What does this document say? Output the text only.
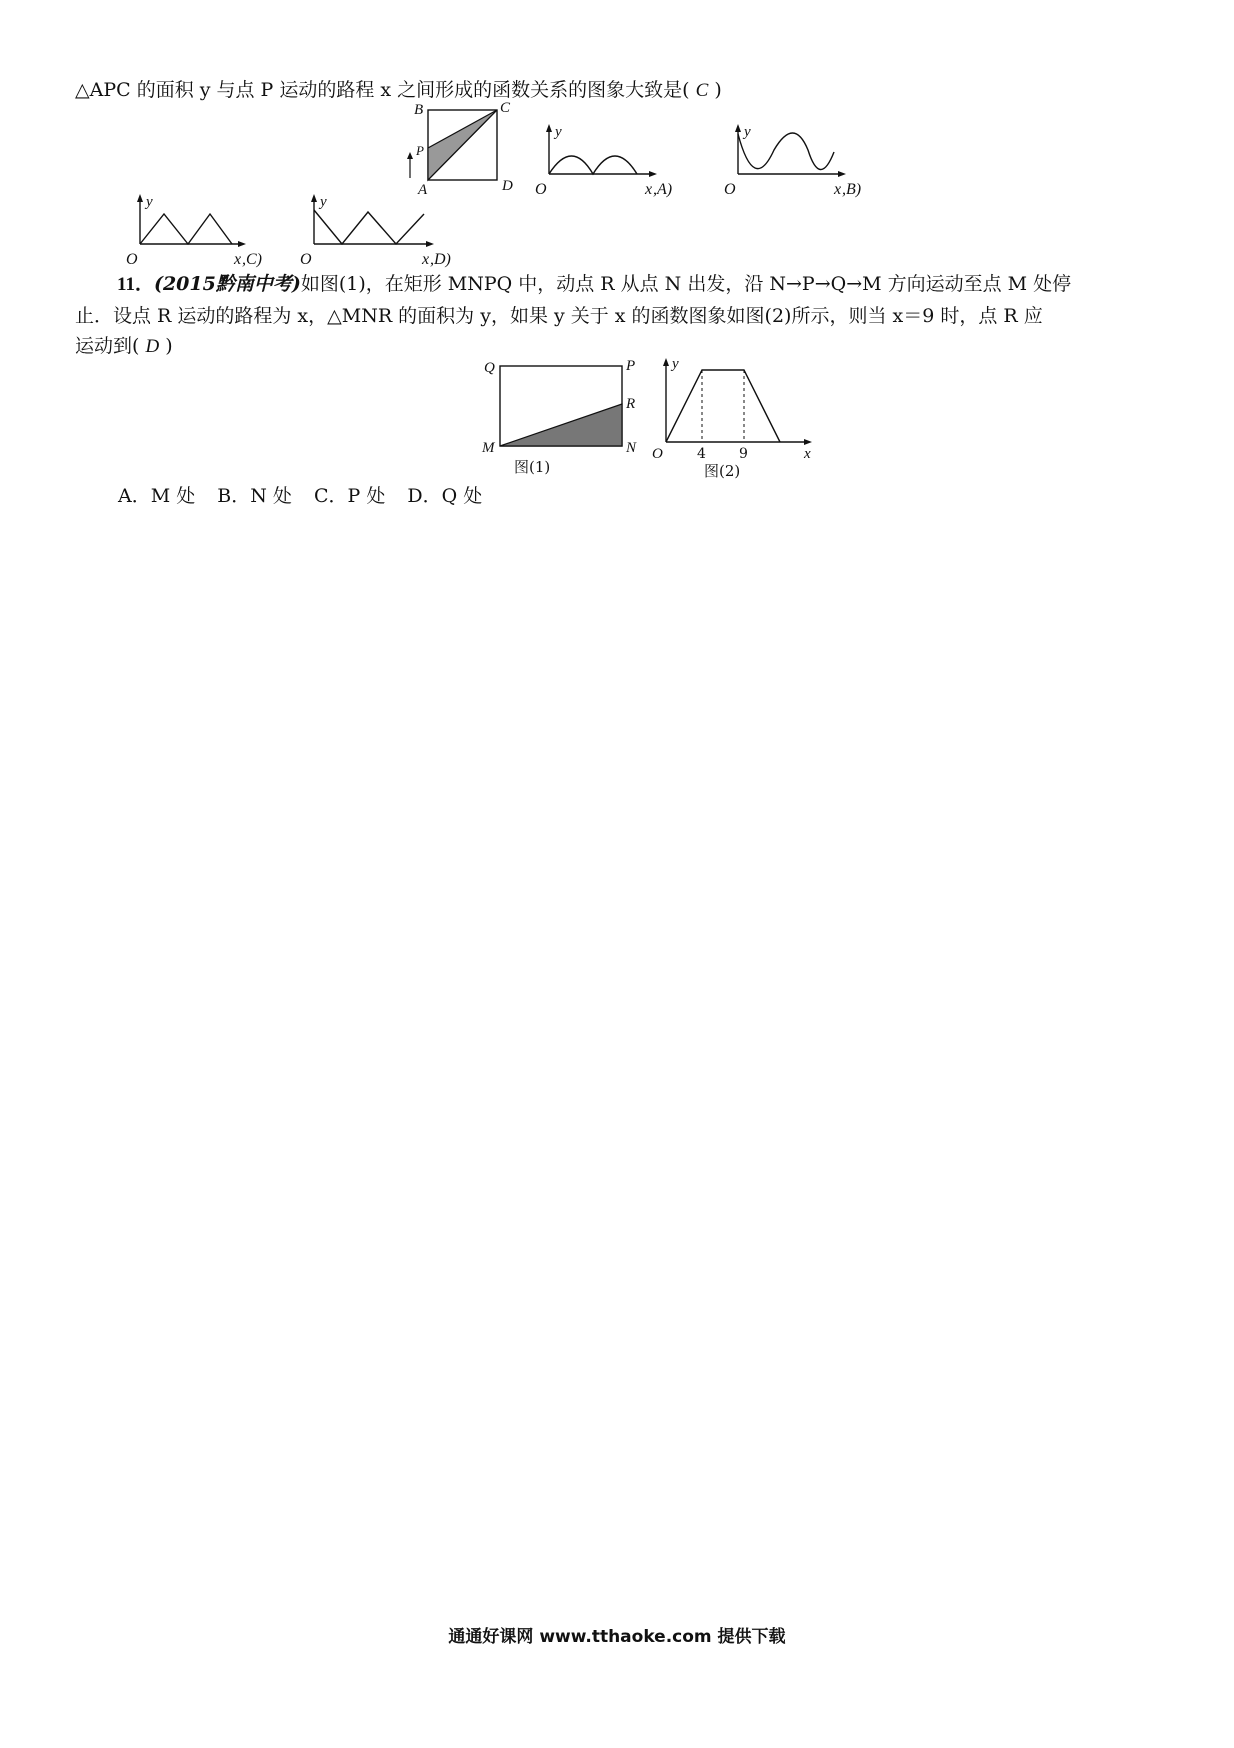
△APC 的面积 y 与点 P 运动的路程 x 之间形成的函数关系的图象大致是( C )
B	C
P
A	D
y
O	x ,A)
y
O	x ,B)
y
O	x ,C)
y
O	x ,D)
11．(2015黔南中考)如图(1)，在矩形 MNPQ 中，动点 R 从点 N 出发，沿 N→P→Q→M 方向运动至点 M 处停
止．设点 R 运动的路程为 x，△MNR 的面积为 y，如果 y 关于 x 的函数图象如图(2)所示，则当 x＝9 时，点 R 应
运动到( D )
Q	P
R
M	N
图(1)
y
O 4 9	x
图(2)
A．M 处 B．N 处 C．P 处 D．Q 处
通通好课网 www.tthaoke.com 提供下载
